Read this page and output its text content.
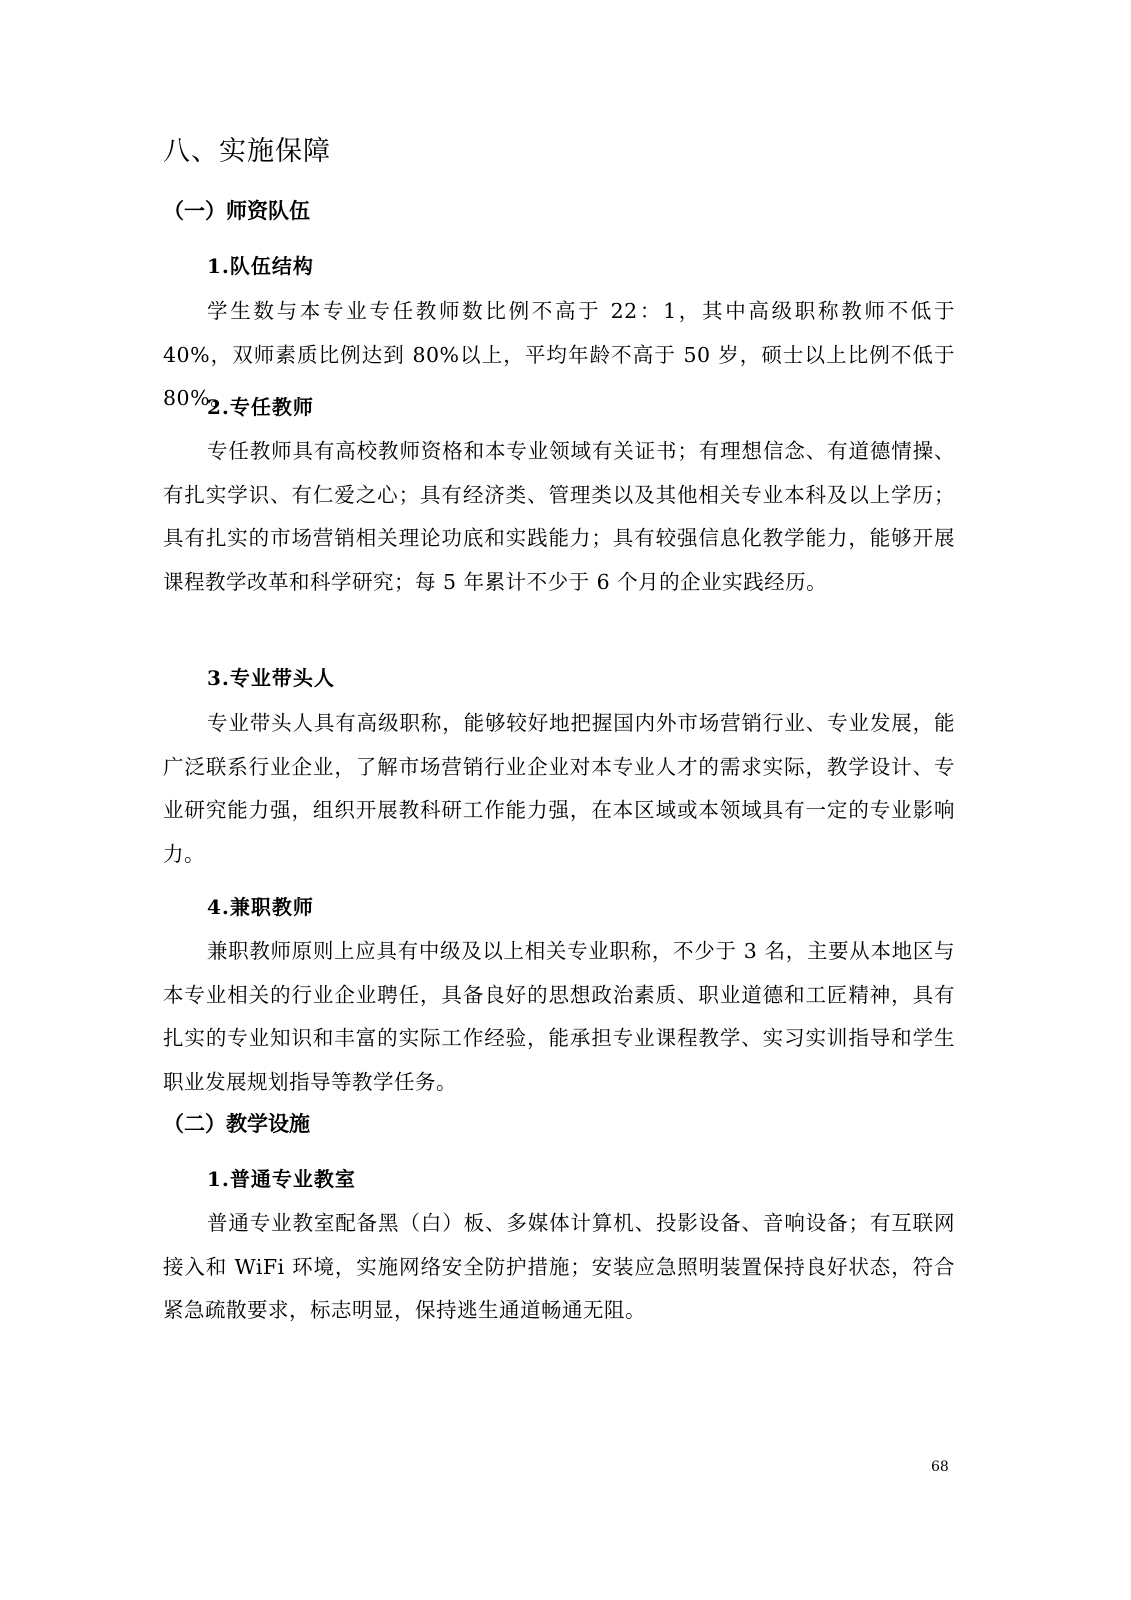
八、实施保障
（一）师资队伍
1.队伍结构

学生数与本专业专任教师数比例不高于 22：1，其中高级职称教师不低于 40%，双师素质比例达到 80%以上，平均年龄不高于 50 岁，硕士以上比例不低于 80%。

2.专任教师

专任教师具有高校教师资格和本专业领域有关证书；有理想信念、有道德情操、有扎实学识、有仁爱之心；具有经济类、管理类以及其他相关专业本科及以上学历；具有扎实的市场营销相关理论功底和实践能力；具有较强信息化教学能力，能够开展课程教学改革和科学研究；每 5 年累计不少于 6 个月的企业实践经历。

3.专业带头人

专业带头人具有高级职称，能够较好地把握国内外市场营销行业、专业发展，能广泛联系行业企业，了解市场营销行业企业对本专业人才的需求实际，教学设计、专业研究能力强，组织开展教科研工作能力强，在本区域或本领域具有一定的专业影响力。

4.兼职教师

兼职教师原则上应具有中级及以上相关专业职称，不少于 3 名，主要从本地区与本专业相关的行业企业聘任，具备良好的思想政治素质、职业道德和工匠精神，具有扎实的专业知识和丰富的实际工作经验，能承担专业课程教学、实习实训指导和学生职业发展规划指导等教学任务。

（二）教学设施
1.普通专业教室

普通专业教室配备黑（白）板、多媒体计算机、投影设备、音响设备；有互联网接入和 WiFi 环境，实施网络安全防护措施；安装应急照明装置保持良好状态，符合紧急疏散要求，标志明显，保持逃生通道畅通无阻。

68
